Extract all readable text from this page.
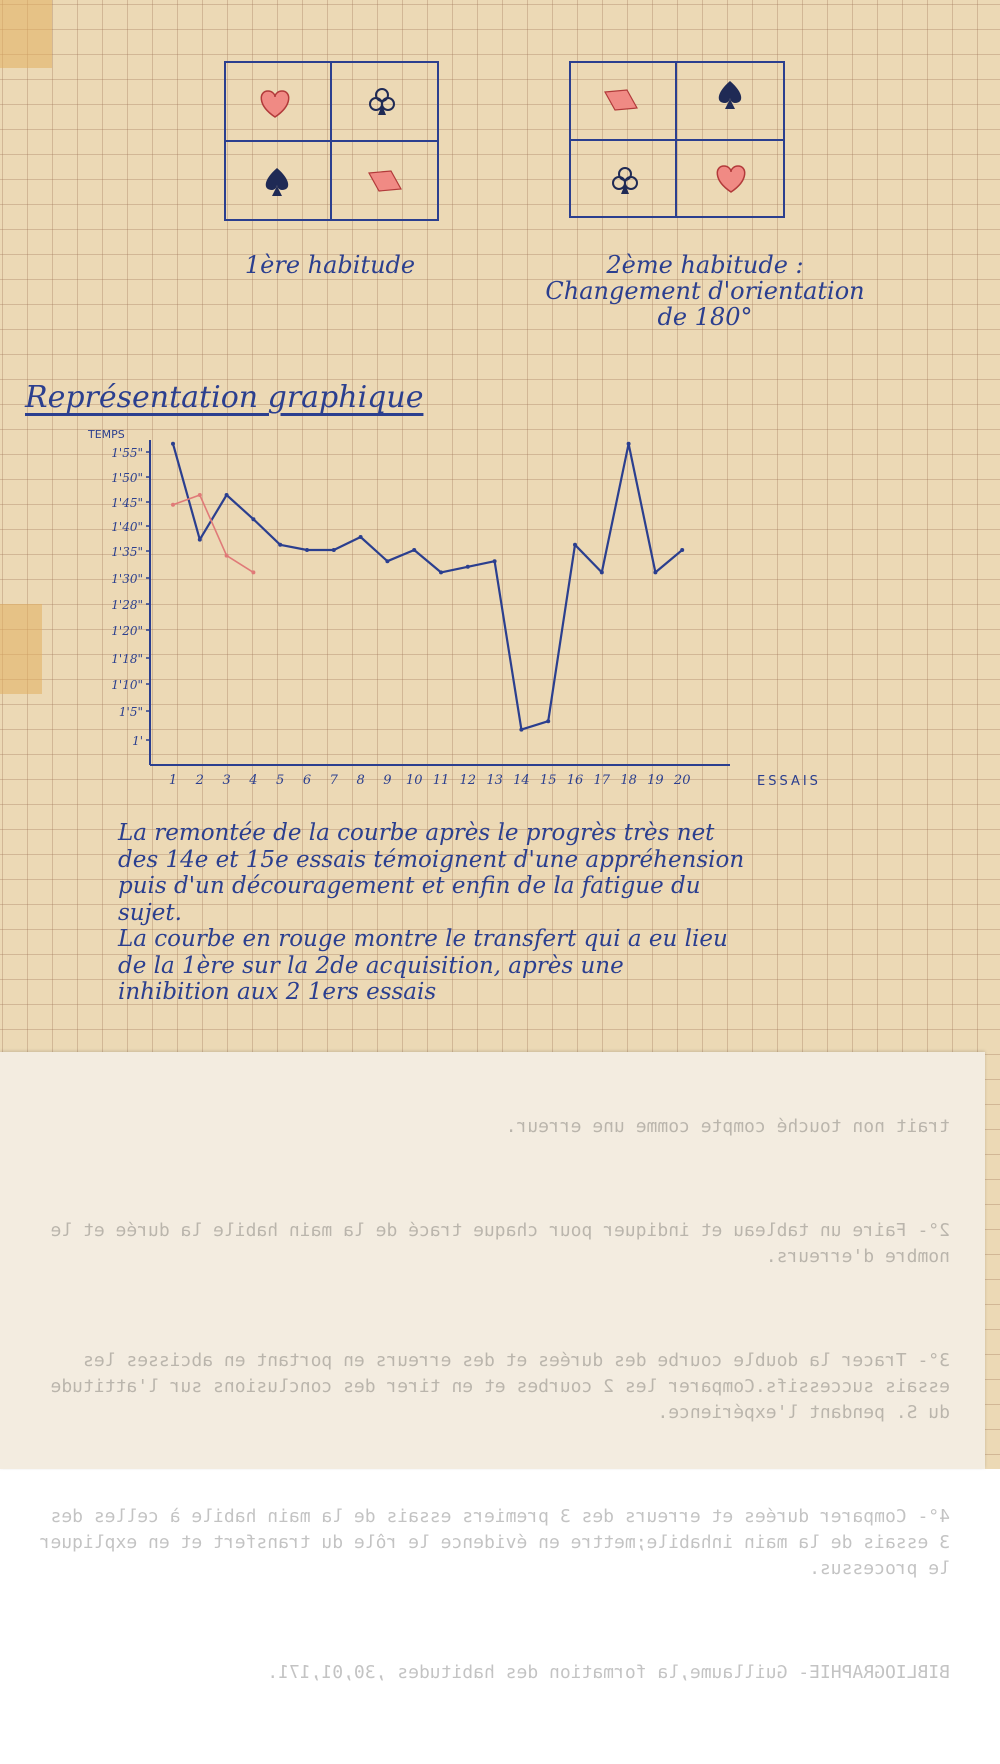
1ère habitude	2ème habitude :
Changement d'orientation
de 180°
Représentation graphique
TEMPS
ESSAIS
1'55"
1'50"
1'45"
1'40"
1'35"
1'30"
1'28"
1'20"
1'18"
1'10"
1'5"
1'
1 2 3 4 5 6 7 8 9 10 11 12 13 14 15 16 17 18 19 20

La remontée de la courbe après le progrès très net

des 14e et 15e essais témoignent d'une appréhension

puis d'un découragement et enfin de la fatigue du

sujet.

La courbe en rouge montre le transfert qui a eu lieu

de la 1ère sur la 2de acquisition, après une

inhibition aux 2 1ers essais

trait non touché compte comme une erreur.

2°- Faire un tableau et indiquer pour chaque tracé de la main habile la durée et le nombre d'erreurs.

3°- Tracer la double courbe des durées et des erreurs en portant en abcisses les essais successifs.Comparer les 2 courbes et en tirer des conclusions sur l'attitude du S. pendant l'expérience.

4°- Comparer durées et erreurs des 3 premiers essais de la main habile à celles des 3 essais de la main inhabile;mettre en évidence le rôle du transfert et en expliquer le processus.

BIBLIOGRAPHIE- Guillaume,la formation des habitudes ,30,01,171.
